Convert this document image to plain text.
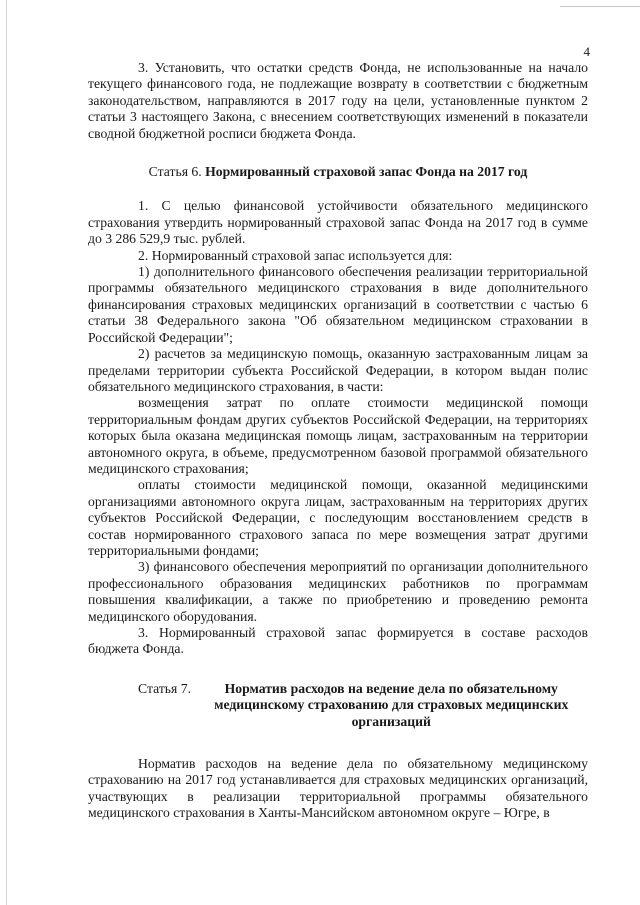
4

3. Установить, что остатки средств Фонда, не использованные на начало текущего финансового года, не подлежащие возврату в соответствии с бюджетным законодательством, направляются в 2017 году на цели, установленные пунктом 2 статьи 3 настоящего Закона, с внесением соответствующих изменений в показатели сводной бюджетной росписи бюджета Фонда.

Статья 6. Нормированный страховой запас Фонда на 2017 год

1. С целью финансовой устойчивости обязательного медицинского страхования утвердить нормированный страховой запас Фонда на 2017 год в сумме до 3 286 529,9 тыс. рублей.

2. Нормированный страховой запас используется для:

1) дополнительного финансового обеспечения реализации территориальной программы обязательного медицинского страхования в виде дополнительного финансирования страховых медицинских организаций в соответствии с частью 6 статьи 38 Федерального закона "Об обязательном медицинском страховании в Российской Федерации";

2) расчетов за медицинскую помощь, оказанную застрахованным лицам за пределами территории субъекта Российской Федерации, в котором выдан полис обязательного медицинского страхования, в части:

возмещения затрат по оплате стоимости медицинской помощи территориальным фондам других субъектов Российской Федерации, на территориях которых была оказана медицинская помощь лицам, застрахованным на территории автономного округа, в объеме, предусмотренном базовой программой обязательного медицинского страхования;

оплаты стоимости медицинской помощи, оказанной медицинскими организациями автономного округа лицам, застрахованным на территориях других субъектов Российской Федерации, с последующим восстановлением средств в состав нормированного страхового запаса по мере возмещения затрат другими территориальными фондами;

3) финансового обеспечения мероприятий по организации дополнительного профессионального образования медицинских работников по программам повышения квалификации, а также по приобретению и проведению ремонта медицинского оборудования.

3. Нормированный страховой запас формируется в составе расходов бюджета Фонда.

Статья 7.
	Норматив расходов на ведение дела по обязательному медицинскому страхованию для страховых медицинских организаций

Норматив расходов на ведение дела по обязательному медицинскому страхованию на 2017 год устанавливается для страховых медицинских организаций, участвующих в реализации территориальной программы обязательного медицинского страхования в Ханты-Мансийском автономном округе – Югре, в
